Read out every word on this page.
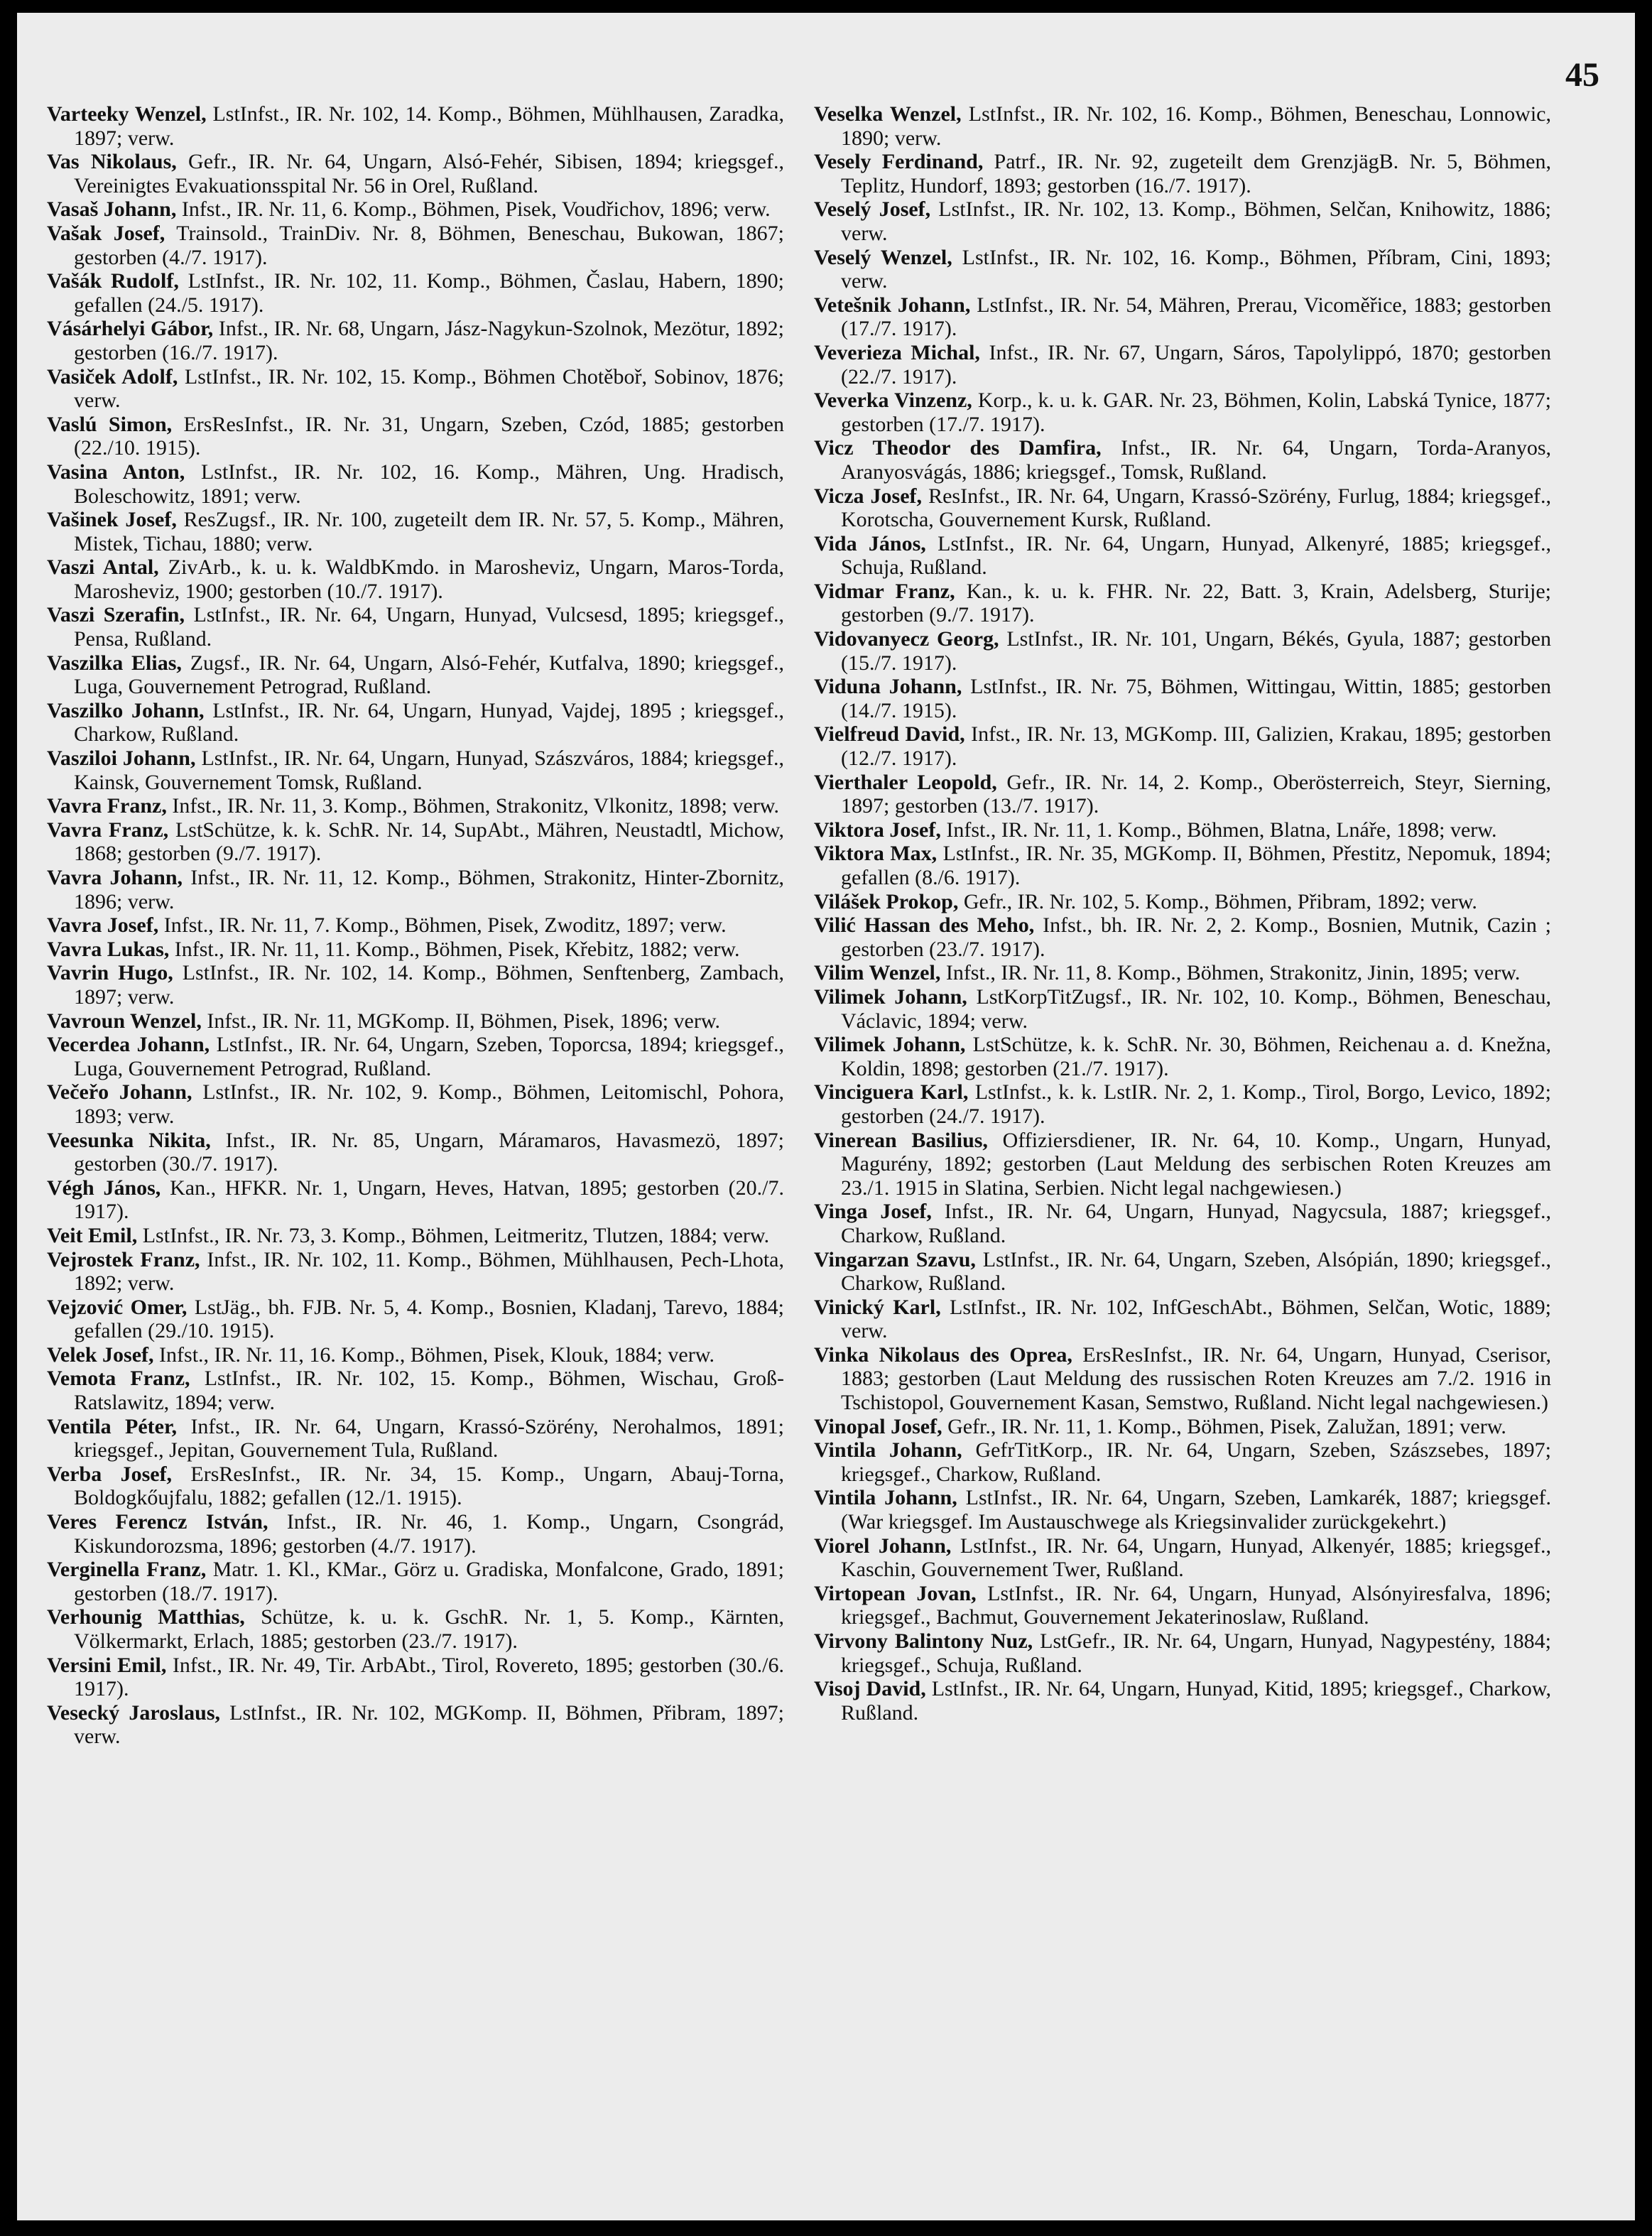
45

Varteeky Wenzel, LstInfst., IR. Nr. 102, 14. Komp., Böhmen, Mühlhausen, Zaradka, 1897; verw.

Vas Nikolaus, Gefr., IR. Nr. 64, Ungarn, Alsó-Fehér, Sibisen, 1894; kriegsgef., Vereinigtes Evakuationsspital Nr. 56 in Orel, Rußland.

Vasaš Johann, Infst., IR. Nr. 11, 6. Komp., Böhmen, Pisek, Voudřichov, 1896; verw.

Vašak Josef, Trainsold., TrainDiv. Nr. 8, Böhmen, Beneschau, Bukowan, 1867; gestorben (4./7. 1917).

Vašák Rudolf, LstInfst., IR. Nr. 102, 11. Komp., Böhmen, Časlau, Habern, 1890; gefallen (24./5. 1917).

Vásárhelyi Gábor, Infst., IR. Nr. 68, Ungarn, Jász-Nagykun-Szolnok, Mezötur, 1892; gestorben (16./7. 1917).

Vasiček Adolf, LstInfst., IR. Nr. 102, 15. Komp., Böhmen Chotěboř, Sobinov, 1876; verw.

Vaslú Simon, ErsResInfst., IR. Nr. 31, Ungarn, Szeben, Czód, 1885; gestorben (22./10. 1915).

Vasina Anton, LstInfst., IR. Nr. 102, 16. Komp., Mähren, Ung. Hradisch, Boleschowitz, 1891; verw.

Vašinek Josef, ResZugsf., IR. Nr. 100, zugeteilt dem IR. Nr. 57, 5. Komp., Mähren, Mistek, Tichau, 1880; verw.

Vaszi Antal, ZivArb., k. u. k. WaldbKmdo. in Marosheviz, Ungarn, Maros-Torda, Marosheviz, 1900; gestorben (10./7. 1917).

Vaszi Szerafin, LstInfst., IR. Nr. 64, Ungarn, Hunyad, Vulcsesd, 1895; kriegsgef., Pensa, Rußland.

Vaszilka Elias, Zugsf., IR. Nr. 64, Ungarn, Alsó-Fehér, Kutfalva, 1890; kriegsgef., Luga, Gouvernement Petrograd, Rußland.

Vaszilko Johann, LstInfst., IR. Nr. 64, Ungarn, Hunyad, Vajdej, 1895 ; kriegsgef., Charkow, Rußland.

Vasziloi Johann, LstInfst., IR. Nr. 64, Ungarn, Hunyad, Szászváros, 1884; kriegsgef., Kainsk, Gouvernement Tomsk, Rußland.

Vavra Franz, Infst., IR. Nr. 11, 3. Komp., Böhmen, Strakonitz, Vlkonitz, 1898; verw.

Vavra Franz, LstSchütze, k. k. SchR. Nr. 14, SupAbt., Mähren, Neustadtl, Michow, 1868; gestorben (9./7. 1917).

Vavra Johann, Infst., IR. Nr. 11, 12. Komp., Böhmen, Strakonitz, Hinter-Zbornitz, 1896; verw.

Vavra Josef, Infst., IR. Nr. 11, 7. Komp., Böhmen, Pisek, Zwoditz, 1897; verw.

Vavra Lukas, Infst., IR. Nr. 11, 11. Komp., Böhmen, Pisek, Křebitz, 1882; verw.

Vavrin Hugo, LstInfst., IR. Nr. 102, 14. Komp., Böhmen, Senftenberg, Zambach, 1897; verw.

Vavroun Wenzel, Infst., IR. Nr. 11, MGKomp. II, Böhmen, Pisek, 1896; verw.

Vecerdea Johann, LstInfst., IR. Nr. 64, Ungarn, Szeben, Toporcsa, 1894; kriegsgef., Luga, Gouvernement Petrograd, Rußland.

Večeřo Johann, LstInfst., IR. Nr. 102, 9. Komp., Böhmen, Leitomischl, Pohora, 1893; verw.

Veesunka Nikita, Infst., IR. Nr. 85, Ungarn, Máramaros, Havasmezö, 1897; gestorben (30./7. 1917).

Végh János, Kan., HFKR. Nr. 1, Ungarn, Heves, Hatvan, 1895; gestorben (20./7. 1917).

Veit Emil, LstInfst., IR. Nr. 73, 3. Komp., Böhmen, Leitmeritz, Tlutzen, 1884; verw.

Vejrostek Franz, Infst., IR. Nr. 102, 11. Komp., Böhmen, Mühlhausen, Pech-Lhota, 1892; verw.

Vejzović Omer, LstJäg., bh. FJB. Nr. 5, 4. Komp., Bosnien, Kladanj, Tarevo, 1884; gefallen (29./10. 1915).

Velek Josef, Infst., IR. Nr. 11, 16. Komp., Böhmen, Pisek, Klouk, 1884; verw.

Vemota Franz, LstInfst., IR. Nr. 102, 15. Komp., Böhmen, Wischau, Groß-Ratslawitz, 1894; verw.

Ventila Péter, Infst., IR. Nr. 64, Ungarn, Krassó-Szörény, Nerohalmos, 1891; kriegsgef., Jepitan, Gouvernement Tula, Rußland.

Verba Josef, ErsResInfst., IR. Nr. 34, 15. Komp., Ungarn, Abauj-Torna, Boldogkőujfalu, 1882; gefallen (12./1. 1915).

Veres Ferencz István, Infst., IR. Nr. 46, 1. Komp., Ungarn, Csongrád, Kiskundorozsma, 1896; gestorben (4./7. 1917).

Verginella Franz, Matr. 1. Kl., KMar., Görz u. Gradiska, Monfalcone, Grado, 1891; gestorben (18./7. 1917).

Verhounig Matthias, Schütze, k. u. k. GschR. Nr. 1, 5. Komp., Kärnten, Völkermarkt, Erlach, 1885; gestorben (23./7. 1917).

Versini Emil, Infst., IR. Nr. 49, Tir. ArbAbt., Tirol, Rovereto, 1895; gestorben (30./6. 1917).

Vesecký Jaroslaus, LstInfst., IR. Nr. 102, MGKomp. II, Böhmen, Přibram, 1897; verw.

Veselka Wenzel, LstInfst., IR. Nr. 102, 16. Komp., Böhmen, Beneschau, Lonnowic, 1890; verw.

Vesely Ferdinand, Patrf., IR. Nr. 92, zugeteilt dem GrenzjägB. Nr. 5, Böhmen, Teplitz, Hundorf, 1893; gestorben (16./7. 1917).

Veselý Josef, LstInfst., IR. Nr. 102, 13. Komp., Böhmen, Selčan, Knihowitz, 1886; verw.

Veselý Wenzel, LstInfst., IR. Nr. 102, 16. Komp., Böhmen, Příbram, Cini, 1893; verw.

Vetešnik Johann, LstInfst., IR. Nr. 54, Mähren, Prerau, Vicoměřice, 1883; gestorben (17./7. 1917).

Veverieza Michal, Infst., IR. Nr. 67, Ungarn, Sáros, Tapolylippó, 1870; gestorben (22./7. 1917).

Veverka Vinzenz, Korp., k. u. k. GAR. Nr. 23, Böhmen, Kolin, Labská Tynice, 1877; gestorben (17./7. 1917).

Vicz Theodor des Damfira, Infst., IR. Nr. 64, Ungarn, Torda-Aranyos, Aranyosvágás, 1886; kriegsgef., Tomsk, Rußland.

Vicza Josef, ResInfst., IR. Nr. 64, Ungarn, Krassó-Szörény, Furlug, 1884; kriegsgef., Korotscha, Gouvernement Kursk, Rußland.

Vida János, LstInfst., IR. Nr. 64, Ungarn, Hunyad, Alkenyré, 1885; kriegsgef., Schuja, Rußland.

Vidmar Franz, Kan., k. u. k. FHR. Nr. 22, Batt. 3, Krain, Adelsberg, Sturije; gestorben (9./7. 1917).

Vidovanyecz Georg, LstInfst., IR. Nr. 101, Ungarn, Békés, Gyula, 1887; gestorben (15./7. 1917).

Viduna Johann, LstInfst., IR. Nr. 75, Böhmen, Wittingau, Wittin, 1885; gestorben (14./7. 1915).

Vielfreud David, Infst., IR. Nr. 13, MGKomp. III, Galizien, Krakau, 1895; gestorben (12./7. 1917).

Vierthaler Leopold, Gefr., IR. Nr. 14, 2. Komp., Oberösterreich, Steyr, Sierning, 1897; gestorben (13./7. 1917).

Viktora Josef, Infst., IR. Nr. 11, 1. Komp., Böhmen, Blatna, Lnáře, 1898; verw.

Viktora Max, LstInfst., IR. Nr. 35, MGKomp. II, Böhmen, Přestitz, Nepomuk, 1894; gefallen (8./6. 1917).

Vilášek Prokop, Gefr., IR. Nr. 102, 5. Komp., Böhmen, Přibram, 1892; verw.

Vilić Hassan des Meho, Infst., bh. IR. Nr. 2, 2. Komp., Bosnien, Mutnik, Cazin ; gestorben (23./7. 1917).

Vilim Wenzel, Infst., IR. Nr. 11, 8. Komp., Böhmen, Strakonitz, Jinin, 1895; verw.

Vilimek Johann, LstKorpTitZugsf., IR. Nr. 102, 10. Komp., Böhmen, Beneschau, Václavic, 1894; verw.

Vilimek Johann, LstSchütze, k. k. SchR. Nr. 30, Böhmen, Reichenau a. d. Knežna, Koldin, 1898; gestorben (21./7. 1917).

Vinciguera Karl, LstInfst., k. k. LstIR. Nr. 2, 1. Komp., Tirol, Borgo, Levico, 1892; gestorben (24./7. 1917).

Vinerean Basilius, Offiziersdiener, IR. Nr. 64, 10. Komp., Ungarn, Hunyad, Magurény, 1892; gestorben (Laut Meldung des serbischen Roten Kreuzes am 23./1. 1915 in Slatina, Serbien. Nicht legal nachgewiesen.)

Vinga Josef, Infst., IR. Nr. 64, Ungarn, Hunyad, Nagycsula, 1887; kriegsgef., Charkow, Rußland.

Vingarzan Szavu, LstInfst., IR. Nr. 64, Ungarn, Szeben, Alsópián, 1890; kriegsgef., Charkow, Rußland.

Vinický Karl, LstInfst., IR. Nr. 102, InfGeschAbt., Böhmen, Selčan, Wotic, 1889; verw.

Vinka Nikolaus des Oprea, ErsResInfst., IR. Nr. 64, Ungarn, Hunyad, Cserisor, 1883; gestorben (Laut Meldung des russischen Roten Kreuzes am 7./2. 1916 in Tschistopol, Gouvernement Kasan, Semstwo, Rußland. Nicht legal nachgewiesen.)

Vinopal Josef, Gefr., IR. Nr. 11, 1. Komp., Böhmen, Pisek, Zalužan, 1891; verw.

Vintila Johann, GefrTitKorp., IR. Nr. 64, Ungarn, Szeben, Szászsebes, 1897; kriegsgef., Charkow, Rußland.

Vintila Johann, LstInfst., IR. Nr. 64, Ungarn, Szeben, Lamkarék, 1887; kriegsgef. (War kriegsgef. Im Austauschwege als Kriegsinvalider zurückgekehrt.)

Viorel Johann, LstInfst., IR. Nr. 64, Ungarn, Hunyad, Alkenyér, 1885; kriegsgef., Kaschin, Gouvernement Twer, Rußland.

Virtopean Jovan, LstInfst., IR. Nr. 64, Ungarn, Hunyad, Alsónyiresfalva, 1896; kriegsgef., Bachmut, Gouvernement Jekaterinoslaw, Rußland.

Virvony Balintony Nuz, LstGefr., IR. Nr. 64, Ungarn, Hunyad, Nagypestény, 1884; kriegsgef., Schuja, Rußland.

Visoj David, LstInfst., IR. Nr. 64, Ungarn, Hunyad, Kitid, 1895; kriegsgef., Charkow, Rußland.
